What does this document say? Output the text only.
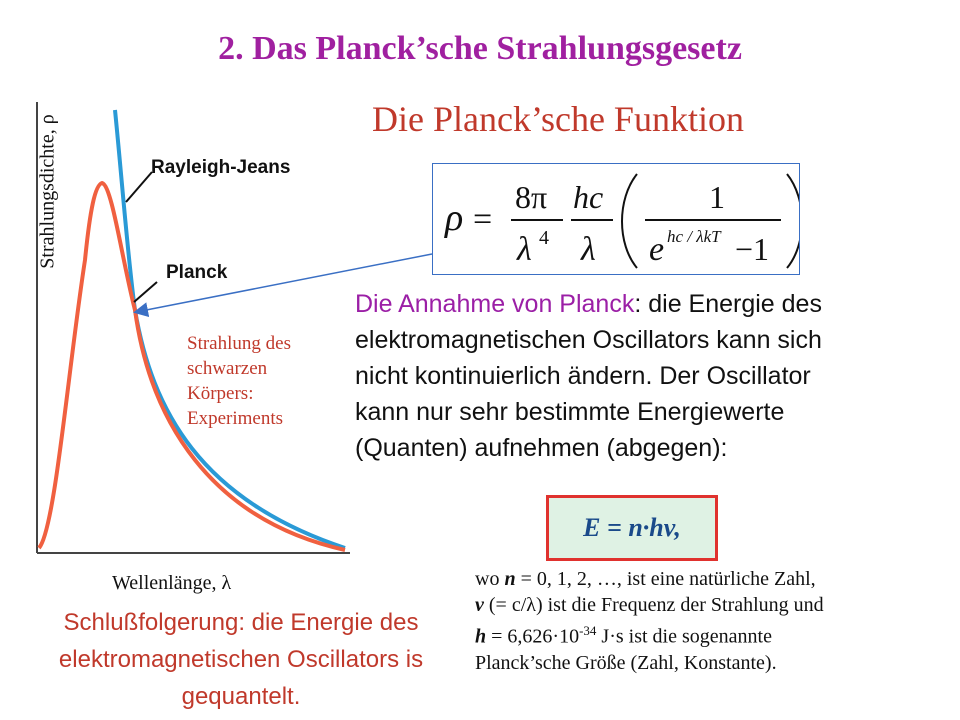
2. Das Planck’sche Strahlungsgesetz
Die Planck’sche Funktion
Rayleigh-Jeans
Planck
Strahlung des
schwarzen
Körpers:
Experiments
Strahlungsdichte, ρ
Wellenlänge, λ
ρ =
8π
λ 4
hc
λ
1
e hc / λkT −1
Die Annahme von Planck: die Energie des
elektromagnetischen Oscillators kann sich
nicht kontinuierlich ändern. Der Oscillator
kann nur sehr bestimmte Energiewerte
(Quanten) aufnehmen (abgegen):
E = n·hv,
wo n = 0, 1, 2, …, ist eine natürliche Zahl,
v (= c/λ) ist die Frequenz der Strahlung und
$h = 6,626\cdot 10^{-34}$ J·s ist die sogenannte
Planck’sche Größe (Zahl, Konstante).
Schlußfolgerung: die Energie des elektromagnetischen Oscillators is gequantelt.
